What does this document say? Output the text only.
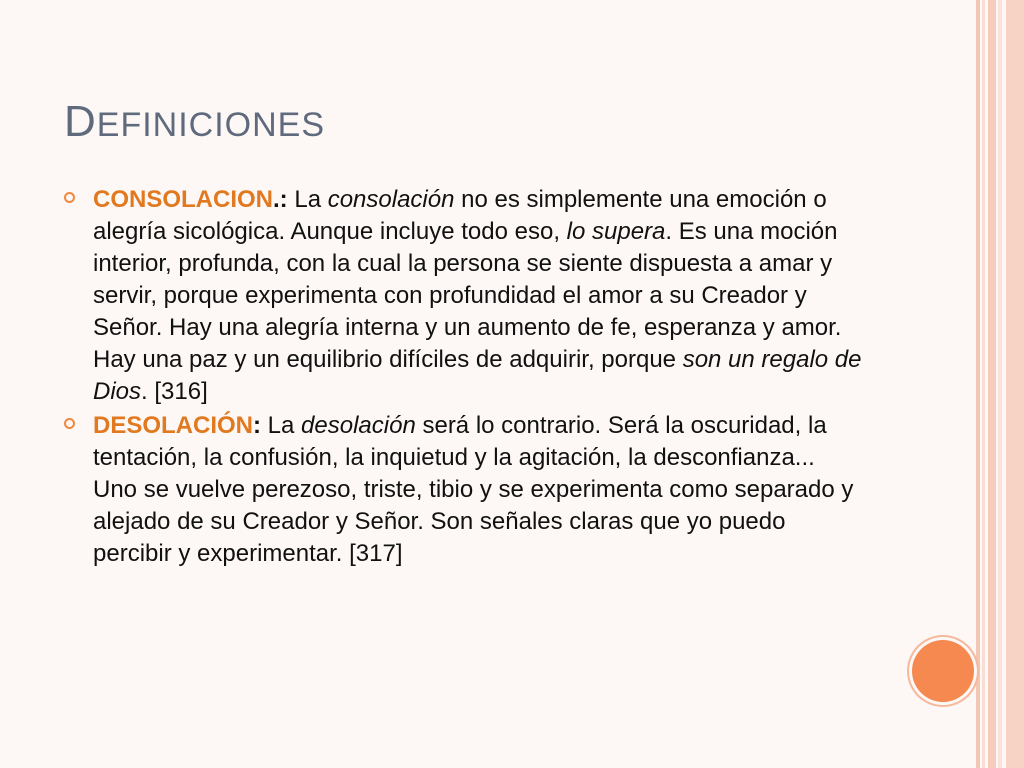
DEFINICIONES
CONSOLACION.: La consolación no es simplemente una emoción o alegría sicológica. Aunque incluye todo eso, lo supera. Es una moción interior, profunda, con la cual la persona se siente dispuesta a amar y servir, porque experimenta con profundidad el amor a su Creador y Señor. Hay una alegría interna y un aumento de fe, esperanza y amor. Hay una paz y un equilibrio difíciles de adquirir, porque son un regalo de Dios. [316]
DESOLACIÓN: La desolación será lo contrario. Será la oscuridad, la tentación, la confusión, la inquietud y la agitación, la desconfianza... Uno se vuelve perezoso, triste, tibio y se experimenta como separado y alejado de su Creador y Señor. Son señales claras que yo puedo percibir y experimentar. [317]
